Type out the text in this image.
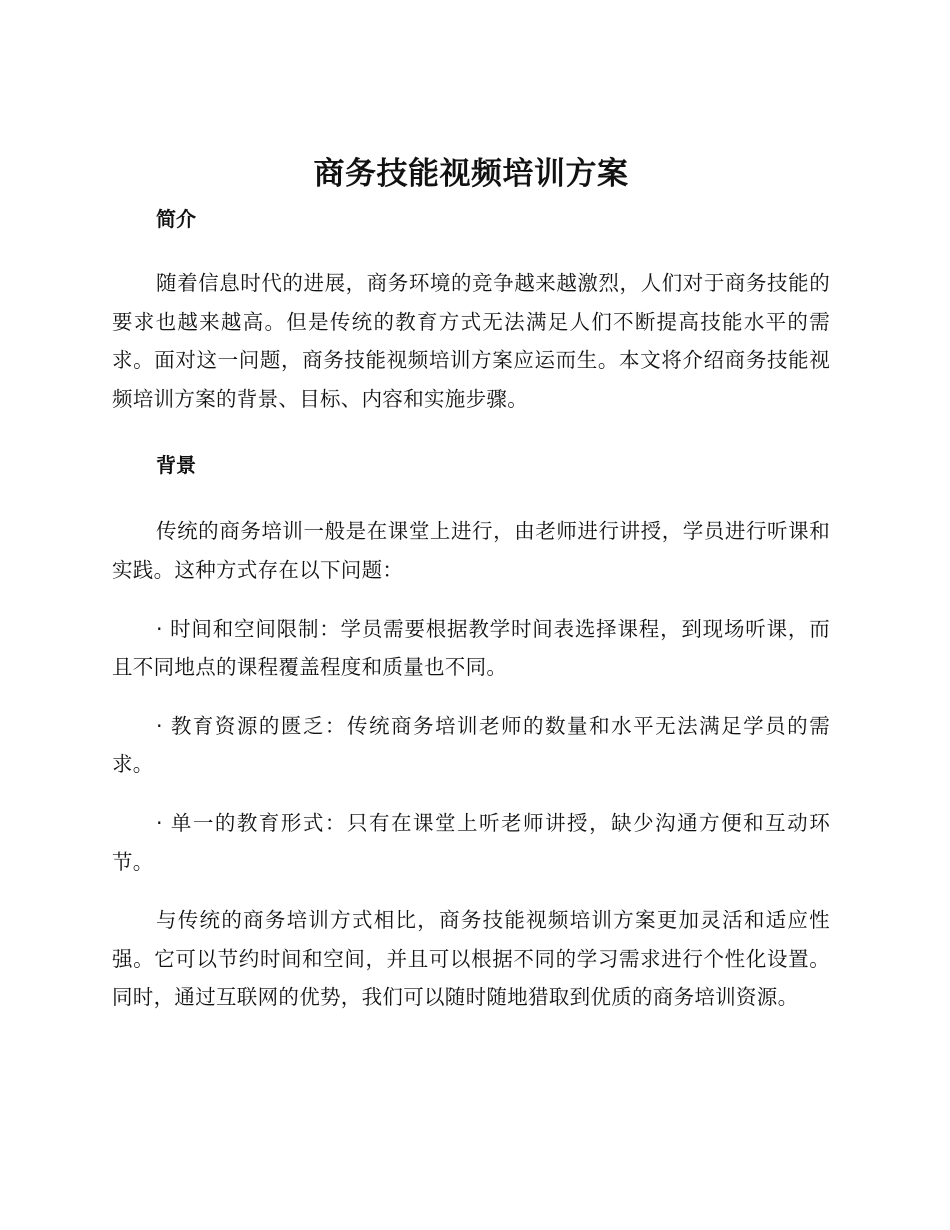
商务技能视频培训方案
简介

随着信息时代的进展，商务环境的竞争越来越激烈，人们对于商务技能的要求也越来越高。但是传统的教育方式无法满足人们不断提高技能水平的需求。面对这一问题，商务技能视频培训方案应运而生。本文将介绍商务技能视频培训方案的背景、目标、内容和实施步骤。

背景

传统的商务培训一般是在课堂上进行，由老师进行讲授，学员进行听课和实践。这种方式存在以下问题：

· 时间和空间限制：学员需要根据教学时间表选择课程，到现场听课，而且不同地点的课程覆盖程度和质量也不同。

· 教育资源的匮乏：传统商务培训老师的数量和水平无法满足学员的需求。

· 单一的教育形式：只有在课堂上听老师讲授，缺少沟通方便和互动环节。

与传统的商务培训方式相比，商务技能视频培训方案更加灵活和适应性强。它可以节约时间和空间，并且可以根据不同的学习需求进行个性化设置。同时，通过互联网的优势，我们可以随时随地猎取到优质的商务培训资源。
